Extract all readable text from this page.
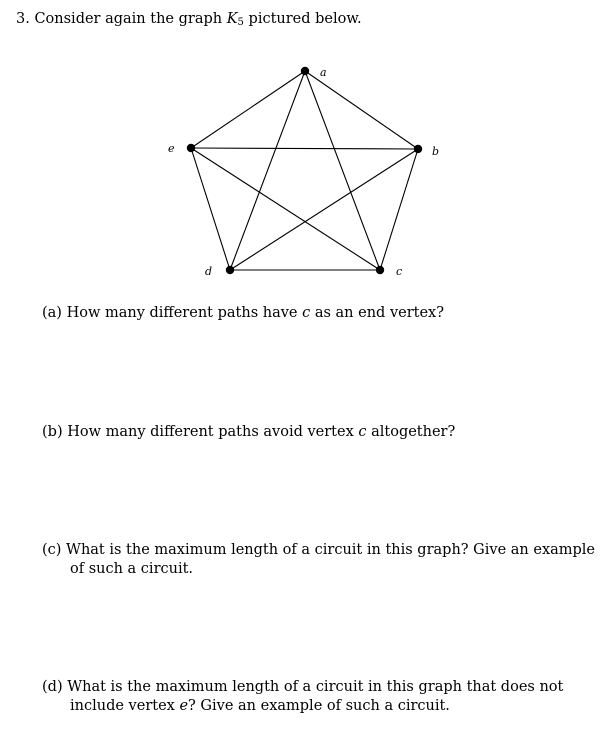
3. Consider again the graph $K_5$ pictured below.
a
b
c
d
e
(a) How many different paths have c as an end vertex?
(b) How many different paths avoid vertex c altogether?
(c) What is the maximum length of a circuit in this graph? Give an example
of such a circuit.
(d) What is the maximum length of a circuit in this graph that does not
include vertex e? Give an example of such a circuit.
